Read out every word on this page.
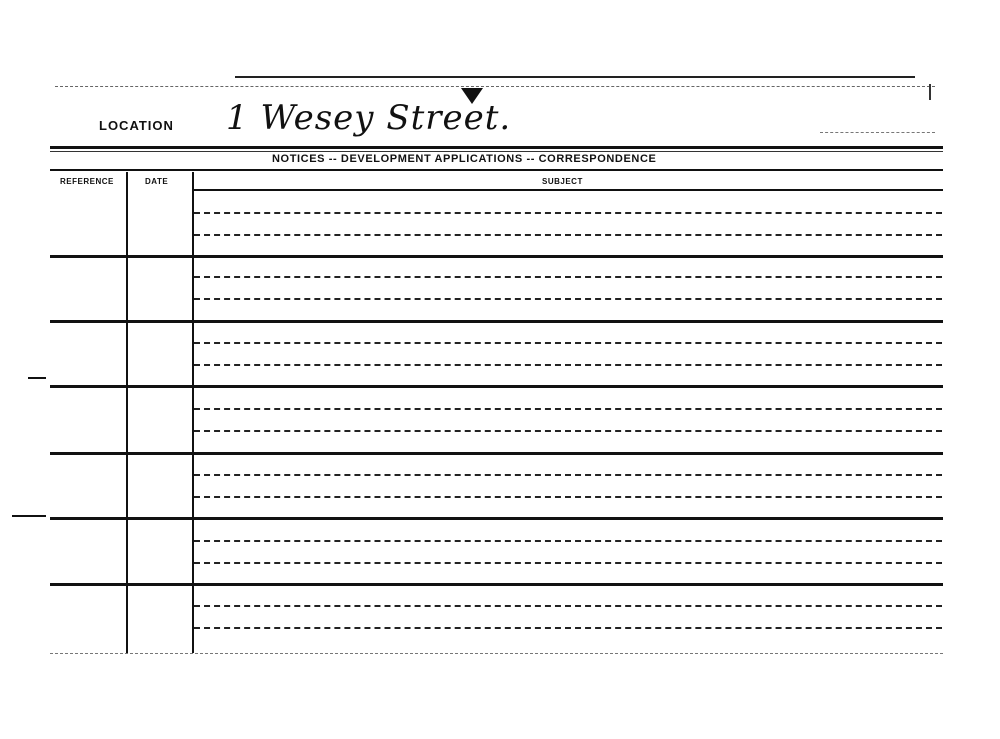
LOCATION 1 Wesey Street.
NOTICES -- DEVELOPMENT APPLICATIONS -- CORRESPONDENCE
REFERENCE	DATE	SUBJECT
